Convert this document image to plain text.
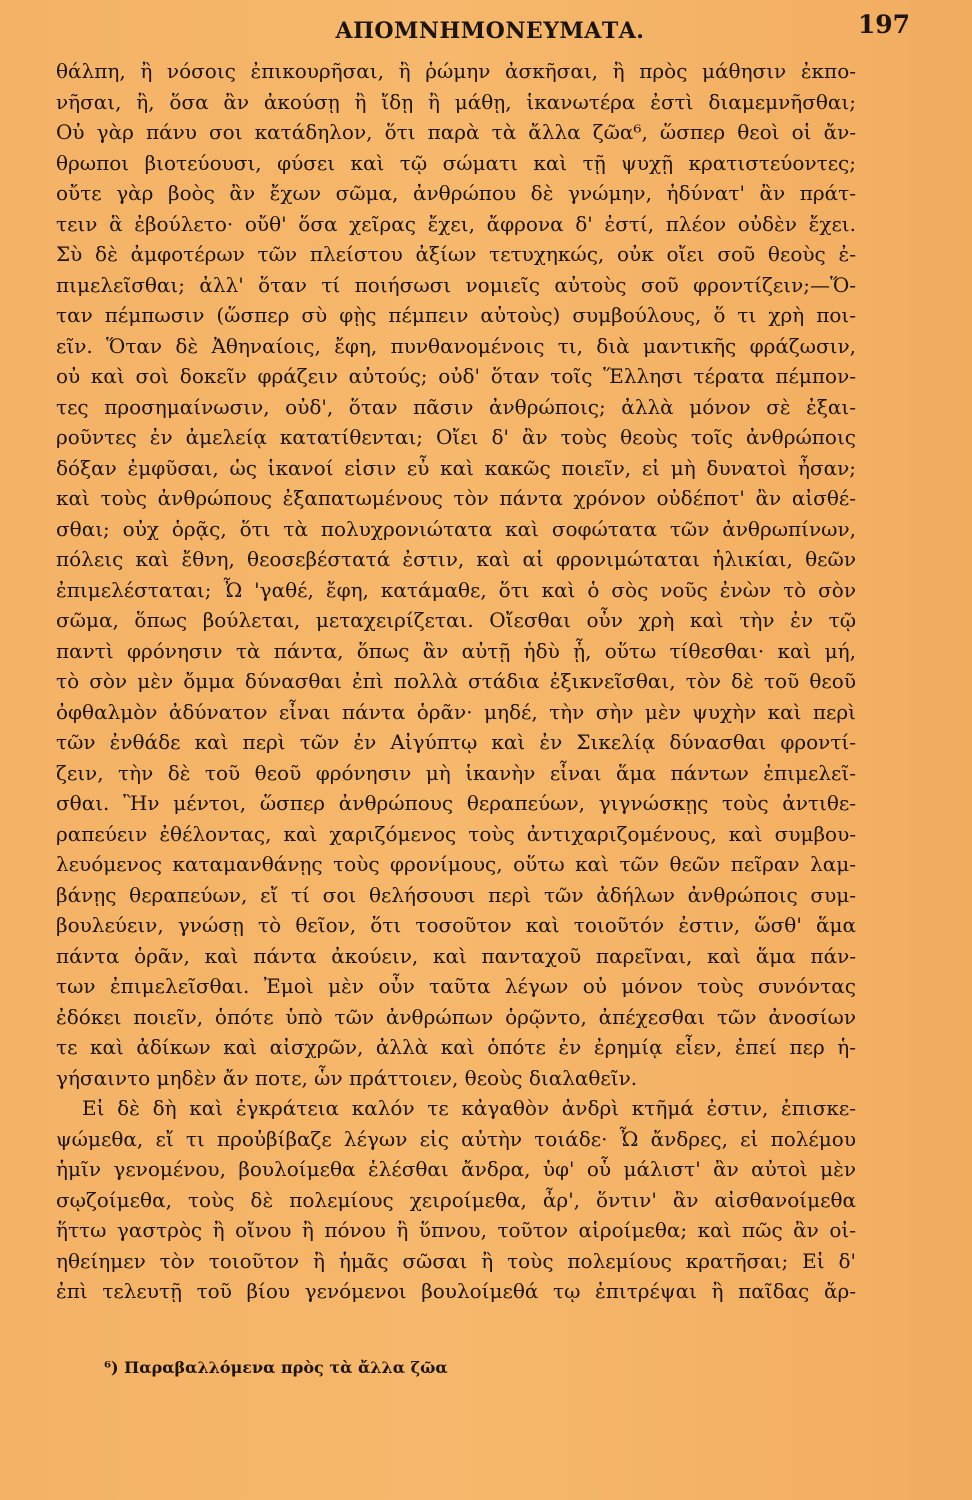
ΑΠΟΜΝΗΜΟΝΕΥΜΑΤΑ.	197
θάλπη, ἢ νόσοις ἐπικουρῆσαι, ἢ ῥώμην ἀσκῆσαι, ἢ πρὸς μάθησιν ἐκπο-
νῆσαι, ἢ, ὅσα ἂν ἀκούσῃ ἢ ἴδῃ ἢ μάθῃ, ἱκανωτέρα ἐστὶ διαμεμνῆσθαι;
Οὐ γὰρ πάνυ σοι κατάδηλον, ὅτι παρὰ τὰ ἄλλα ζῶα⁶, ὥσπερ θεοὶ οἱ ἄν-
θρωποι βιοτεύουσι, φύσει καὶ τῷ σώματι καὶ τῇ ψυχῇ κρατιστεύοντες;
οὔτε γὰρ βοὸς ἂν ἔχων σῶμα, ἀνθρώπου δὲ γνώμην, ἠδύνατ' ἂν πράτ-
τειν ἃ ἐβούλετο· οὔθ' ὅσα χεῖρας ἔχει, ἄφρονα δ' ἐστί, πλέον οὐδὲν ἔχει.
Σὺ δὲ ἀμφοτέρων τῶν πλείστου ἀξίων τετυχηκώς, οὐκ οἴει σοῦ θεοὺς ἐ-
πιμελεῖσθαι; ἀλλ' ὅταν τί ποιήσωσι νομιεῖς αὐτοὺς σοῦ φροντίζειν;—Ὅ-
ταν πέμπωσιν (ὥσπερ σὺ φῂς πέμπειν αὐτοὺς) συμβούλους, ὅ τι χρὴ ποι-
εῖν. Ὅταν δὲ Ἀθηναίοις, ἔφη, πυνθανομένοις τι, διὰ μαντικῆς φράζωσιν,
οὐ καὶ σοὶ δοκεῖν φράζειν αὐτούς; οὐδ' ὅταν τοῖς Ἕλλησι τέρατα πέμπον-
τες προσημαίνωσιν, οὐδ', ὅταν πᾶσιν ἀνθρώποις; ἀλλὰ μόνον σὲ ἐξαι-
ροῦντες ἐν ἀμελείᾳ κατατίθενται; Οἴει δ' ἂν τοὺς θεοὺς τοῖς ἀνθρώποις
δόξαν ἐμφῦσαι, ὡς ἱκανοί εἰσιν εὖ καὶ κακῶς ποιεῖν, εἰ μὴ δυνατοὶ ἦσαν;
καὶ τοὺς ἀνθρώπους ἐξαπατωμένους τὸν πάντα χρόνον οὐδέποτ' ἂν αἰσθέ-
σθαι; οὐχ ὁρᾷς, ὅτι τὰ πολυχρονιώτατα καὶ σοφώτατα τῶν ἀνθρωπίνων,
πόλεις καὶ ἔθνη, θεοσεβέστατά ἐστιν, καὶ αἱ φρονιμώταται ἡλικίαι, θεῶν
ἐπιμελέσταται; Ὦ 'γαθέ, ἔφη, κατάμαθε, ὅτι καὶ ὁ σὸς νοῦς ἐνὼν τὸ σὸν
σῶμα, ὅπως βούλεται, μεταχειρίζεται. Οἴεσθαι οὖν χρὴ καὶ τὴν ἐν τῷ
παντὶ φρόνησιν τὰ πάντα, ὅπως ἂν αὐτῇ ἡδὺ ᾖ, οὕτω τίθεσθαι· καὶ μή,
τὸ σὸν μὲν ὄμμα δύνασθαι ἐπὶ πολλὰ στάδια ἐξικνεῖσθαι, τὸν δὲ τοῦ θεοῦ
ὀφθαλμὸν ἀδύνατον εἶναι πάντα ὁρᾶν· μηδέ, τὴν σὴν μὲν ψυχὴν καὶ περὶ
τῶν ἐνθάδε καὶ περὶ τῶν ἐν Αἰγύπτῳ καὶ ἐν Σικελίᾳ δύνασθαι φροντί-
ζειν, τὴν δὲ τοῦ θεοῦ φρόνησιν μὴ ἱκανὴν εἶναι ἅμα πάντων ἐπιμελεῖ-
σθαι. Ἢν μέντοι, ὥσπερ ἀνθρώπους θεραπεύων, γιγνώσκῃς τοὺς ἀντιθε-
ραπεύειν ἐθέλοντας, καὶ χαριζόμενος τοὺς ἀντιχαριζομένους, καὶ συμβου-
λευόμενος καταμανθάνῃς τοὺς φρονίμους, οὕτω καὶ τῶν θεῶν πεῖραν λαμ-
βάνῃς θεραπεύων, εἴ τί σοι θελήσουσι περὶ τῶν ἀδήλων ἀνθρώποις συμ-
βουλεύειν, γνώσῃ τὸ θεῖον, ὅτι τοσοῦτον καὶ τοιοῦτόν ἐστιν, ὥσθ' ἅμα
πάντα ὁρᾶν, καὶ πάντα ἀκούειν, καὶ πανταχοῦ παρεῖναι, καὶ ἅμα πάν-
των ἐπιμελεῖσθαι. Ἐμοὶ μὲν οὖν ταῦτα λέγων οὐ μόνον τοὺς συνόντας
ἐδόκει ποιεῖν, ὁπότε ὑπὸ τῶν ἀνθρώπων ὁρῷντο, ἀπέχεσθαι τῶν ἀνοσίων
τε καὶ ἀδίκων καὶ αἰσχρῶν, ἀλλὰ καὶ ὁπότε ἐν ἐρημίᾳ εἶεν, ἐπεί περ ἡ-
γήσαιντο μηδὲν ἄν ποτε, ὧν πράττοιεν, θεοὺς διαλαθεῖν.
Εἰ δὲ δὴ καὶ ἐγκράτεια καλόν τε κἀγαθὸν ἀνδρὶ κτῆμά ἐστιν, ἐπισκε-
ψώμεθα, εἴ τι προὐβίβαζε λέγων εἰς αὐτὴν τοιάδε· Ὦ ἄνδρες, εἰ πολέμου
ἡμῖν γενομένου, βουλοίμεθα ἑλέσθαι ἄνδρα, ὑφ' οὗ μάλιστ' ἂν αὐτοὶ μὲν
σῳζοίμεθα, τοὺς δὲ πολεμίους χειροίμεθα, ἆρ', ὅντιν' ἂν αἰσθανοίμεθα
ἥττω γαστρὸς ἢ οἴνου ἢ πόνου ἢ ὕπνου, τοῦτον αἱροίμεθα; καὶ πῶς ἂν οἰ-
ηθείημεν τὸν τοιοῦτον ἢ ἡμᾶς σῶσαι ἢ τοὺς πολεμίους κρατῆσαι; Εἰ δ'
ἐπὶ τελευτῇ τοῦ βίου γενόμενοι βουλοίμεθά τῳ ἐπιτρέψαι ἢ παῖδας ἄρ-
⁶) Παραβαλλόμενα πρὸς τὰ ἄλλα ζῶα
